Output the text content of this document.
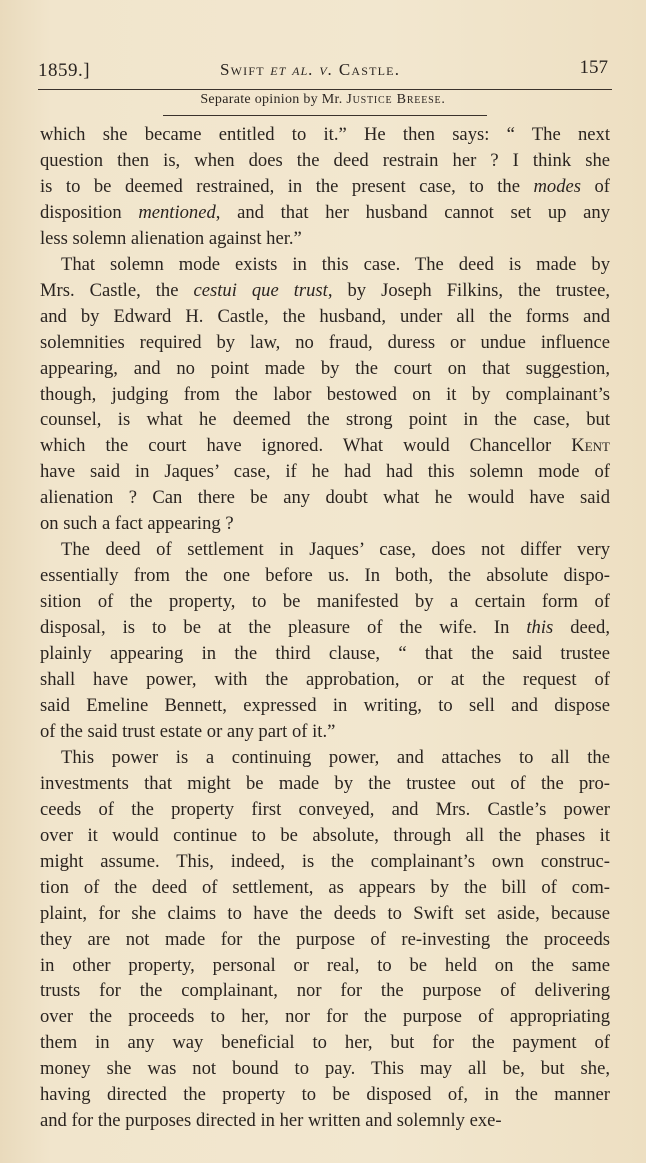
1859.]	Swift et al. v. Castle.	157
Separate opinion by Mr. Justice Breese.
which she became entitled to it.” He then says: “ The next
question then is, when does the deed restrain her ? I think she
is to be deemed restrained, in the present case, to the modes of
disposition mentioned, and that her husband cannot set up any
less solemn alienation against her.”
That solemn mode exists in this case. The deed is made by
Mrs. Castle, the cestui que trust, by Joseph Filkins, the trustee,
and by Edward H. Castle, the husband, under all the forms and
solemnities required by law, no fraud, duress or undue influence
appearing, and no point made by the court on that suggestion,
though, judging from the labor bestowed on it by complainant’s
counsel, is what he deemed the strong point in the case, but
which the court have ignored. What would Chancellor Kent
have said in Jaques’ case, if he had had this solemn mode of
alienation ? Can there be any doubt what he would have said
on such a fact appearing ?
The deed of settlement in Jaques’ case, does not differ very
essentially from the one before us. In both, the absolute dispo-
sition of the property, to be manifested by a certain form of
disposal, is to be at the pleasure of the wife. In this deed,
plainly appearing in the third clause, “ that the said trustee
shall have power, with the approbation, or at the request of
said Emeline Bennett, expressed in writing, to sell and dispose
of the said trust estate or any part of it.”
This power is a continuing power, and attaches to all the
investments that might be made by the trustee out of the pro-
ceeds of the property first conveyed, and Mrs. Castle’s power
over it would continue to be absolute, through all the phases it
might assume. This, indeed, is the complainant’s own construc-
tion of the deed of settlement, as appears by the bill of com-
plaint, for she claims to have the deeds to Swift set aside, because
they are not made for the purpose of re-investing the proceeds
in other property, personal or real, to be held on the same
trusts for the complainant, nor for the purpose of delivering
over the proceeds to her, nor for the purpose of appropriating
them in any way beneficial to her, but for the payment of
money she was not bound to pay. This may all be, but she,
having directed the property to be disposed of, in the manner
and for the purposes directed in her written and solemnly exe-
